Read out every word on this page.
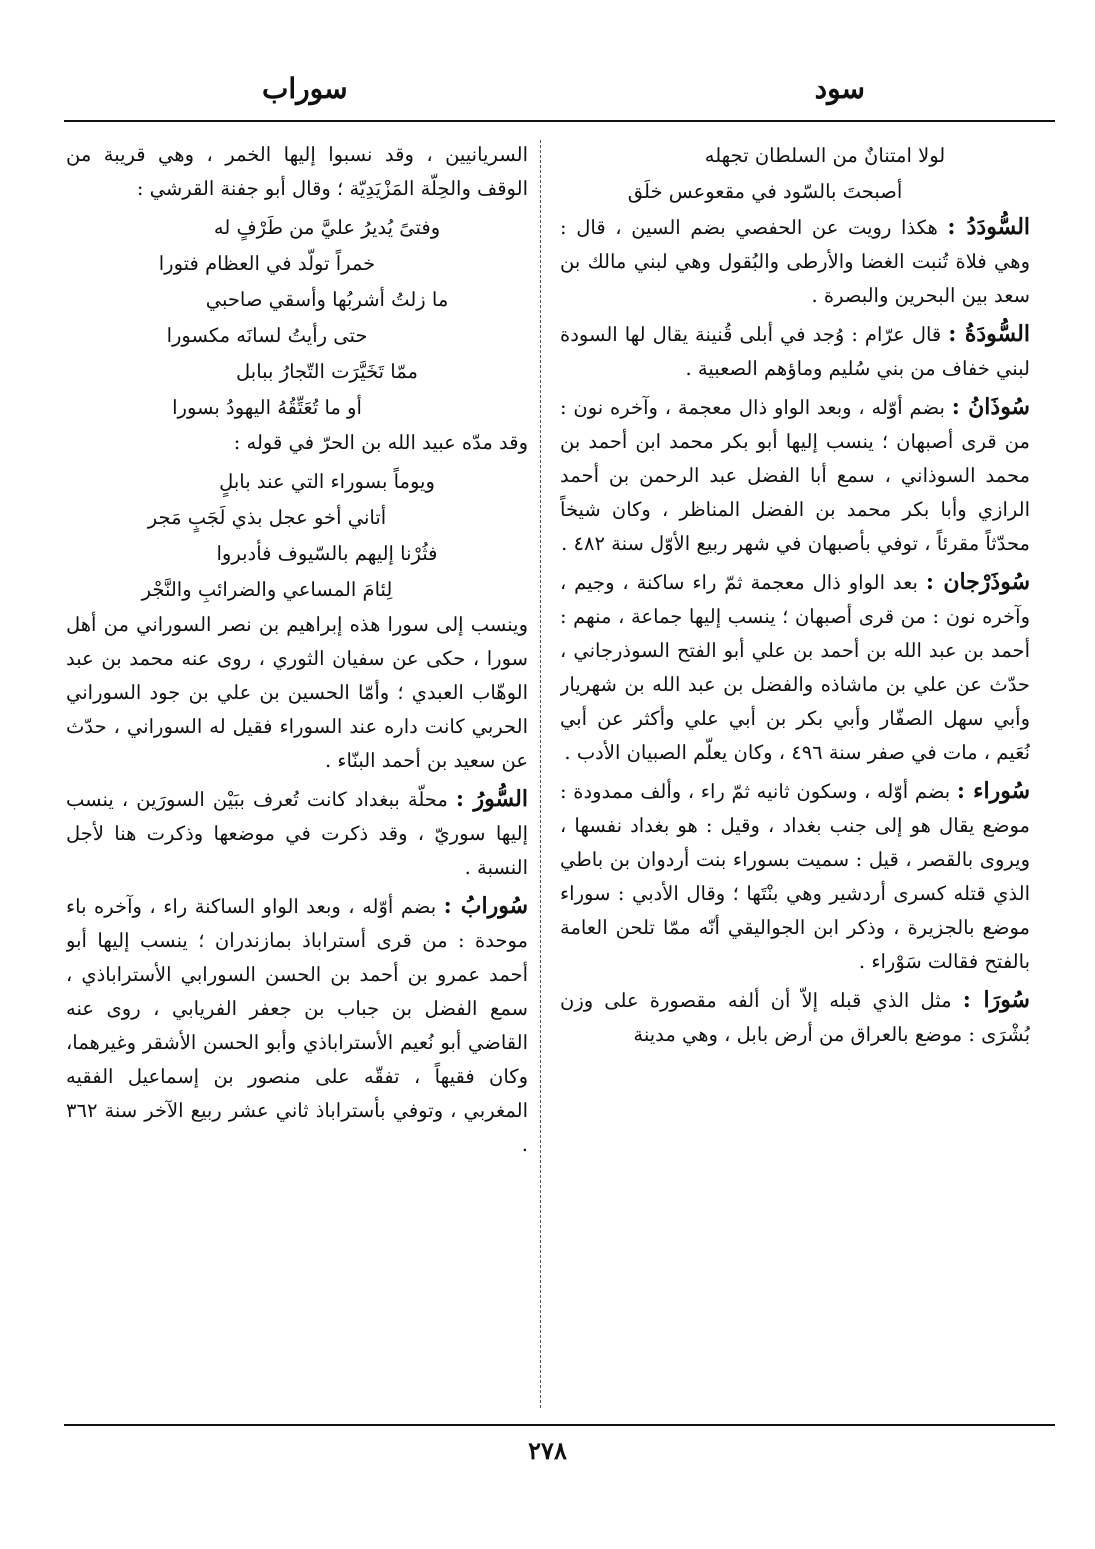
سود
سوراب

لولا امتنانٌ من السلطان تجهله

أصبحتَ بالسّود في مقعوعس خلَق

السُّودَدُ : هكذا رويت عن الحفصي بضم السين ، قال : وهي فلاة تُنبت الغضا والأرطى والبُقول وهي لبني مالك بن سعد بين البحرين والبصرة .
السُّودَةُ : قال عرّام : وُجد في أبلى قُنينة يقال لها السودة لبني خفاف من بني سُليم وماؤهم الصعبية .
سُوذَانُ : بضم أوّله ، وبعد الواو ذال معجمة ، وآخره نون : من قرى أصبهان ؛ ينسب إليها أبو بكر محمد ابن أحمد بن محمد السوذاني ، سمع أبا الفضل عبد الرحمن بن أحمد الرازي وأبا بكر محمد بن الفضل المناظر ، وكان شيخاً محدّثاً مقرئاً ، توفي بأصبهان في شهر ربيع الأوّل سنة ٤٨٢ .
سُوذَرْجان : بعد الواو ذال معجمة ثمّ راء ساكنة ، وجيم ، وآخره نون : من قرى أصبهان ؛ ينسب إليها جماعة ، منهم : أحمد بن عبد الله بن أحمد بن علي أبو الفتح السوذرجاني ، حدّث عن علي بن ماشاذه والفضل بن عبد الله بن شهريار وأبي سهل الصفّار وأبي بكر بن أبي علي وأكثر عن أبي نُعَيم ، مات في صفر سنة ٤٩٦ ، وكان يعلّم الصبيان الأدب .
سُوراء : بضم أوّله ، وسكون ثانيه ثمّ راء ، وألف ممدودة : موضع يقال هو إلى جنب بغداد ، وقيل : هو بغداد نفسها ، ويروى بالقصر ، قيل : سميت بسوراء بنت أردوان بن باطي الذي قتله كسرى أردشير وهي بنْتَها ؛ وقال الأدبي : سوراء موضع بالجزيرة ، وذكر ابن الجواليقي أنّه ممّا تلحن العامة بالفتح فقالت سَوْراء .
سُورَا : مثل الذي قبله إلاّ أن ألفه مقصورة على وزن بُشْرَى : موضع بالعراق من أرض بابل ، وهي مدينة

السريانيين ، وقد نسبوا إليها الخمر ، وهي قريبة من الوقف والحِلّة المَزْيَدِيّة ؛ وقال أبو جفنة القرشي :

وفتىً يُديرُ عليَّ من طَرْفٍ له

خمراً تولّد في العظام فتورا

ما زلتُ أشربُها وأسقي صاحبي

حتى رأيتُ لسانَه مكسورا

ممّا تَخَيَّرَت التّجارُ ببابل

أو ما تُعَتِّقُهُ اليهودُ بسورا

وقد مدّه عبيد الله بن الحرّ في قوله :

ويوماً بسوراء التي عند بابلٍ

أتاني أخو عجل بذي لَجَبٍ مَجر

فثُرْنا إليهم بالسّيوف فأدبروا

لِئامَ المساعي والضرائبِ والنَّجْر

وينسب إلى سورا هذه إبراهيم بن نصر السوراني من أهل سورا ، حكى عن سفيان الثوري ، روى عنه محمد بن عبد الوهّاب العبدي ؛ وأمّا الحسين بن علي بن جود السوراني الحربي كانت داره عند السوراء فقيل له السوراني ، حدّث عن سعيد بن أحمد البنّاء .

السُّورُ : محلّة ببغداد كانت تُعرف ببَيْن السورَين ، ينسب إليها سوريّ ، وقد ذكرت في موضعها وذكرت هنا لأجل النسبة .
سُورابُ : بضم أوّله ، وبعد الواو الساكنة راء ، وآخره باء موحدة : من قرى أستراباذ بمازندران ؛ ينسب إليها أبو أحمد عمرو بن أحمد بن الحسن السورابي الأستراباذي ، سمع الفضل بن جباب بن جعفر الفريابي ، روى عنه القاضي أبو نُعيم الأستراباذي وأبو الحسن الأشقر وغيرهما، وكان فقيهاً ، تفقّه على منصور بن إسماعيل الفقيه المغربي ، وتوفي بأستراباذ ثاني عشر ربيع الآخر سنة ٣٦٢ .
٢٧٨
